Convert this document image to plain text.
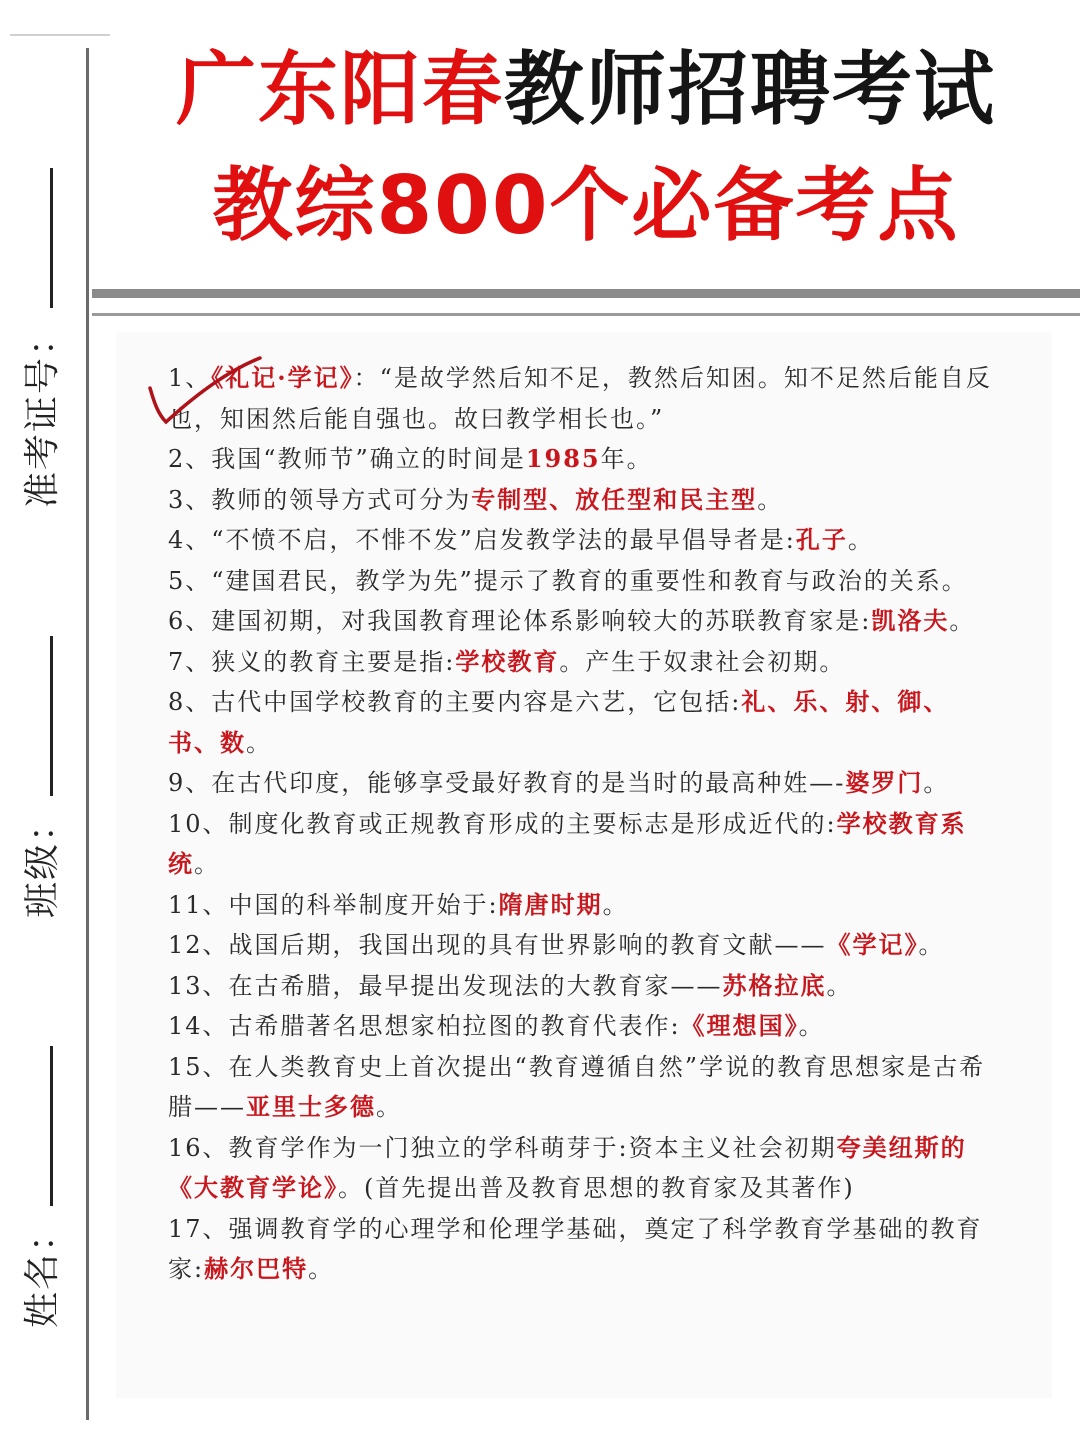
准考证号：
班级：
姓名：
广东阳春教师招聘考试
教综800个必备考点

1、《礼记·学记》：“是故学然后知不足，教然后知困。知不足然后能自反也，知困然后能自强也。故曰教学相长也。”

2、我国“教师节”确立的时间是1985年。

3、教师的领导方式可分为专制型、放任型和民主型。

4、“不愤不启，不悱不发”启发教学法的最早倡导者是:孔子。

5、“建国君民，教学为先”提示了教育的重要性和教育与政治的关系。

6、建国初期，对我国教育理论体系影响较大的苏联教育家是:凯洛夫。

7、狭义的教育主要是指:学校教育。产生于奴隶社会初期。

8、古代中国学校教育的主要内容是六艺，它包括:礼、乐、射、御、书、数。

9、在古代印度，能够享受最好教育的是当时的最高种姓—-婆罗门。

10、制度化教育或正规教育形成的主要标志是形成近代的:学校教育系统。

11、中国的科举制度开始于:隋唐时期。

12、战国后期，我国出现的具有世界影响的教育文献——《学记》。

13、在古希腊，最早提出发现法的大教育家——苏格拉底。

14、古希腊著名思想家柏拉图的教育代表作:《理想国》。

15、在人类教育史上首次提出“教育遵循自然”学说的教育思想家是古希腊——亚里士多德。

16、教育学作为一门独立的学科萌芽于:资本主义社会初期夸美纽斯的《大教育学论》。(首先提出普及教育思想的教育家及其著作)

17、强调教育学的心理学和伦理学基础，奠定了科学教育学基础的教育家:赫尔巴特。
